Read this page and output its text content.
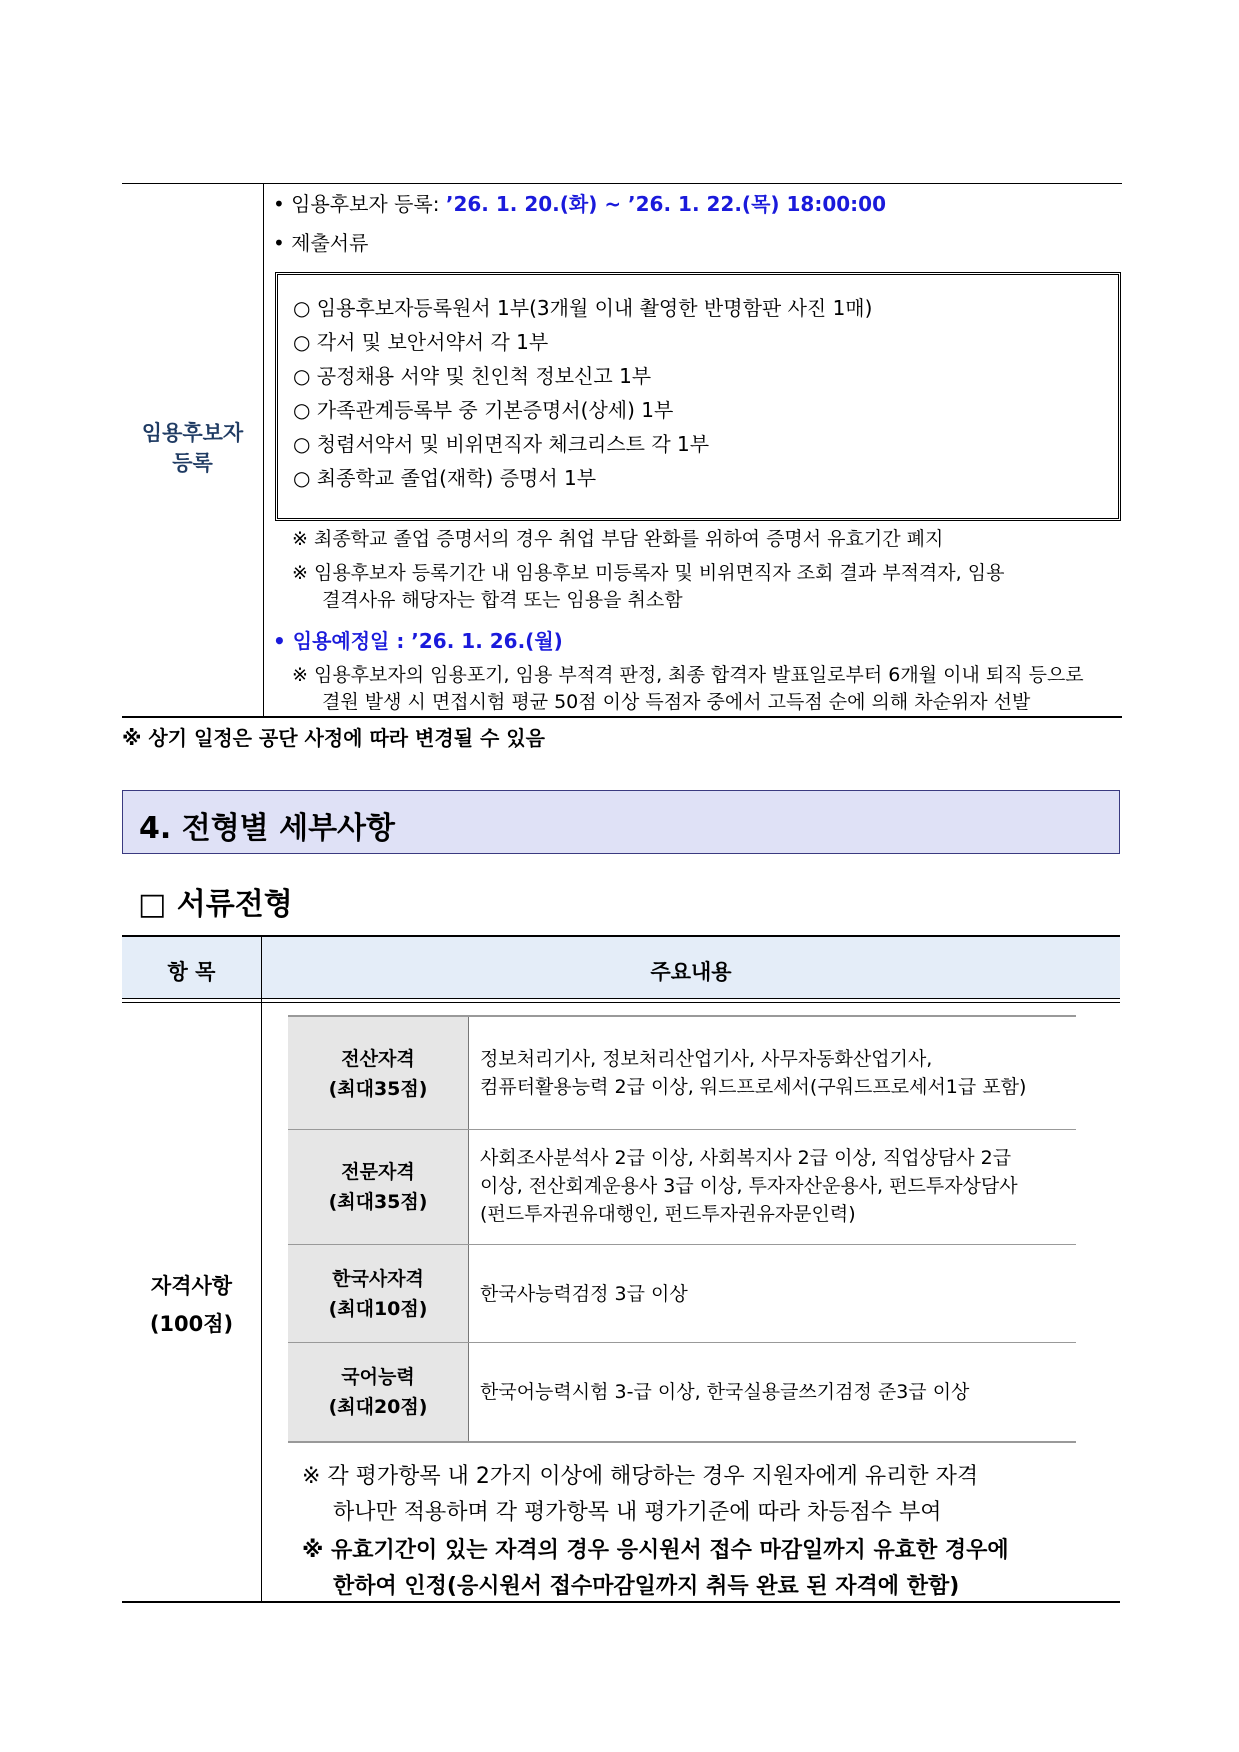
임용후보자
등록
• 임용후보자 등록: ’26. 1. 20.(화) ~ ’26. 1. 22.(목) 18:00:00
• 제출서류
○ 임용후보자등록원서 1부(3개월 이내 촬영한 반명함판 사진 1매)
○ 각서 및 보안서약서 각 1부
○ 공정채용 서약 및 친인척 정보신고 1부
○ 가족관계등록부 중 기본증명서(상세) 1부
○ 청렴서약서 및 비위면직자 체크리스트 각 1부
○ 최종학교 졸업(재학) 증명서 1부
※ 최종학교 졸업 증명서의 경우 취업 부담 완화를 위하여 증명서 유효기간 폐지
※ 임용후보자 등록기간 내 임용후보 미등록자 및 비위면직자 조회 결과 부적격자, 임용
결격사유 해당자는 합격 또는 임용을 취소함
• 임용예정일 : ’26. 1. 26.(월)
※ 임용후보자의 임용포기, 임용 부적격 판정, 최종 합격자 발표일로부터 6개월 이내 퇴직 등으로
결원 발생 시 면접시험 평균 50점 이상 득점자 중에서 고득점 순에 의해 차순위자 선발
※ 상기 일정은 공단 사정에 따라 변경될 수 있음
4. 전형별 세부사항
□ 서류전형
항 목	주요내용
자격사항
(100점)
전산자격
(최대35점)
정보처리기사, 정보처리산업기사, 사무자동화산업기사,
컴퓨터활용능력 2급 이상, 워드프로세서(구워드프로세서1급 포함)
전문자격
(최대35점)
사회조사분석사 2급 이상, 사회복지사 2급 이상, 직업상담사 2급
이상, 전산회계운용사 3급 이상, 투자자산운용사, 펀드투자상담사
(펀드투자권유대행인, 펀드투자권유자문인력)
한국사자격
(최대10점)
한국사능력검정 3급 이상
국어능력
(최대20점)
한국어능력시험 3-급 이상, 한국실용글쓰기검정 준3급 이상
※ 각 평가항목 내 2가지 이상에 해당하는 경우 지원자에게 유리한 자격
하나만 적용하며 각 평가항목 내 평가기준에 따라 차등점수 부여
※ 유효기간이 있는 자격의 경우 응시원서 접수 마감일까지 유효한 경우에
한하여 인정(응시원서 접수마감일까지 취득 완료 된 자격에 한함)
